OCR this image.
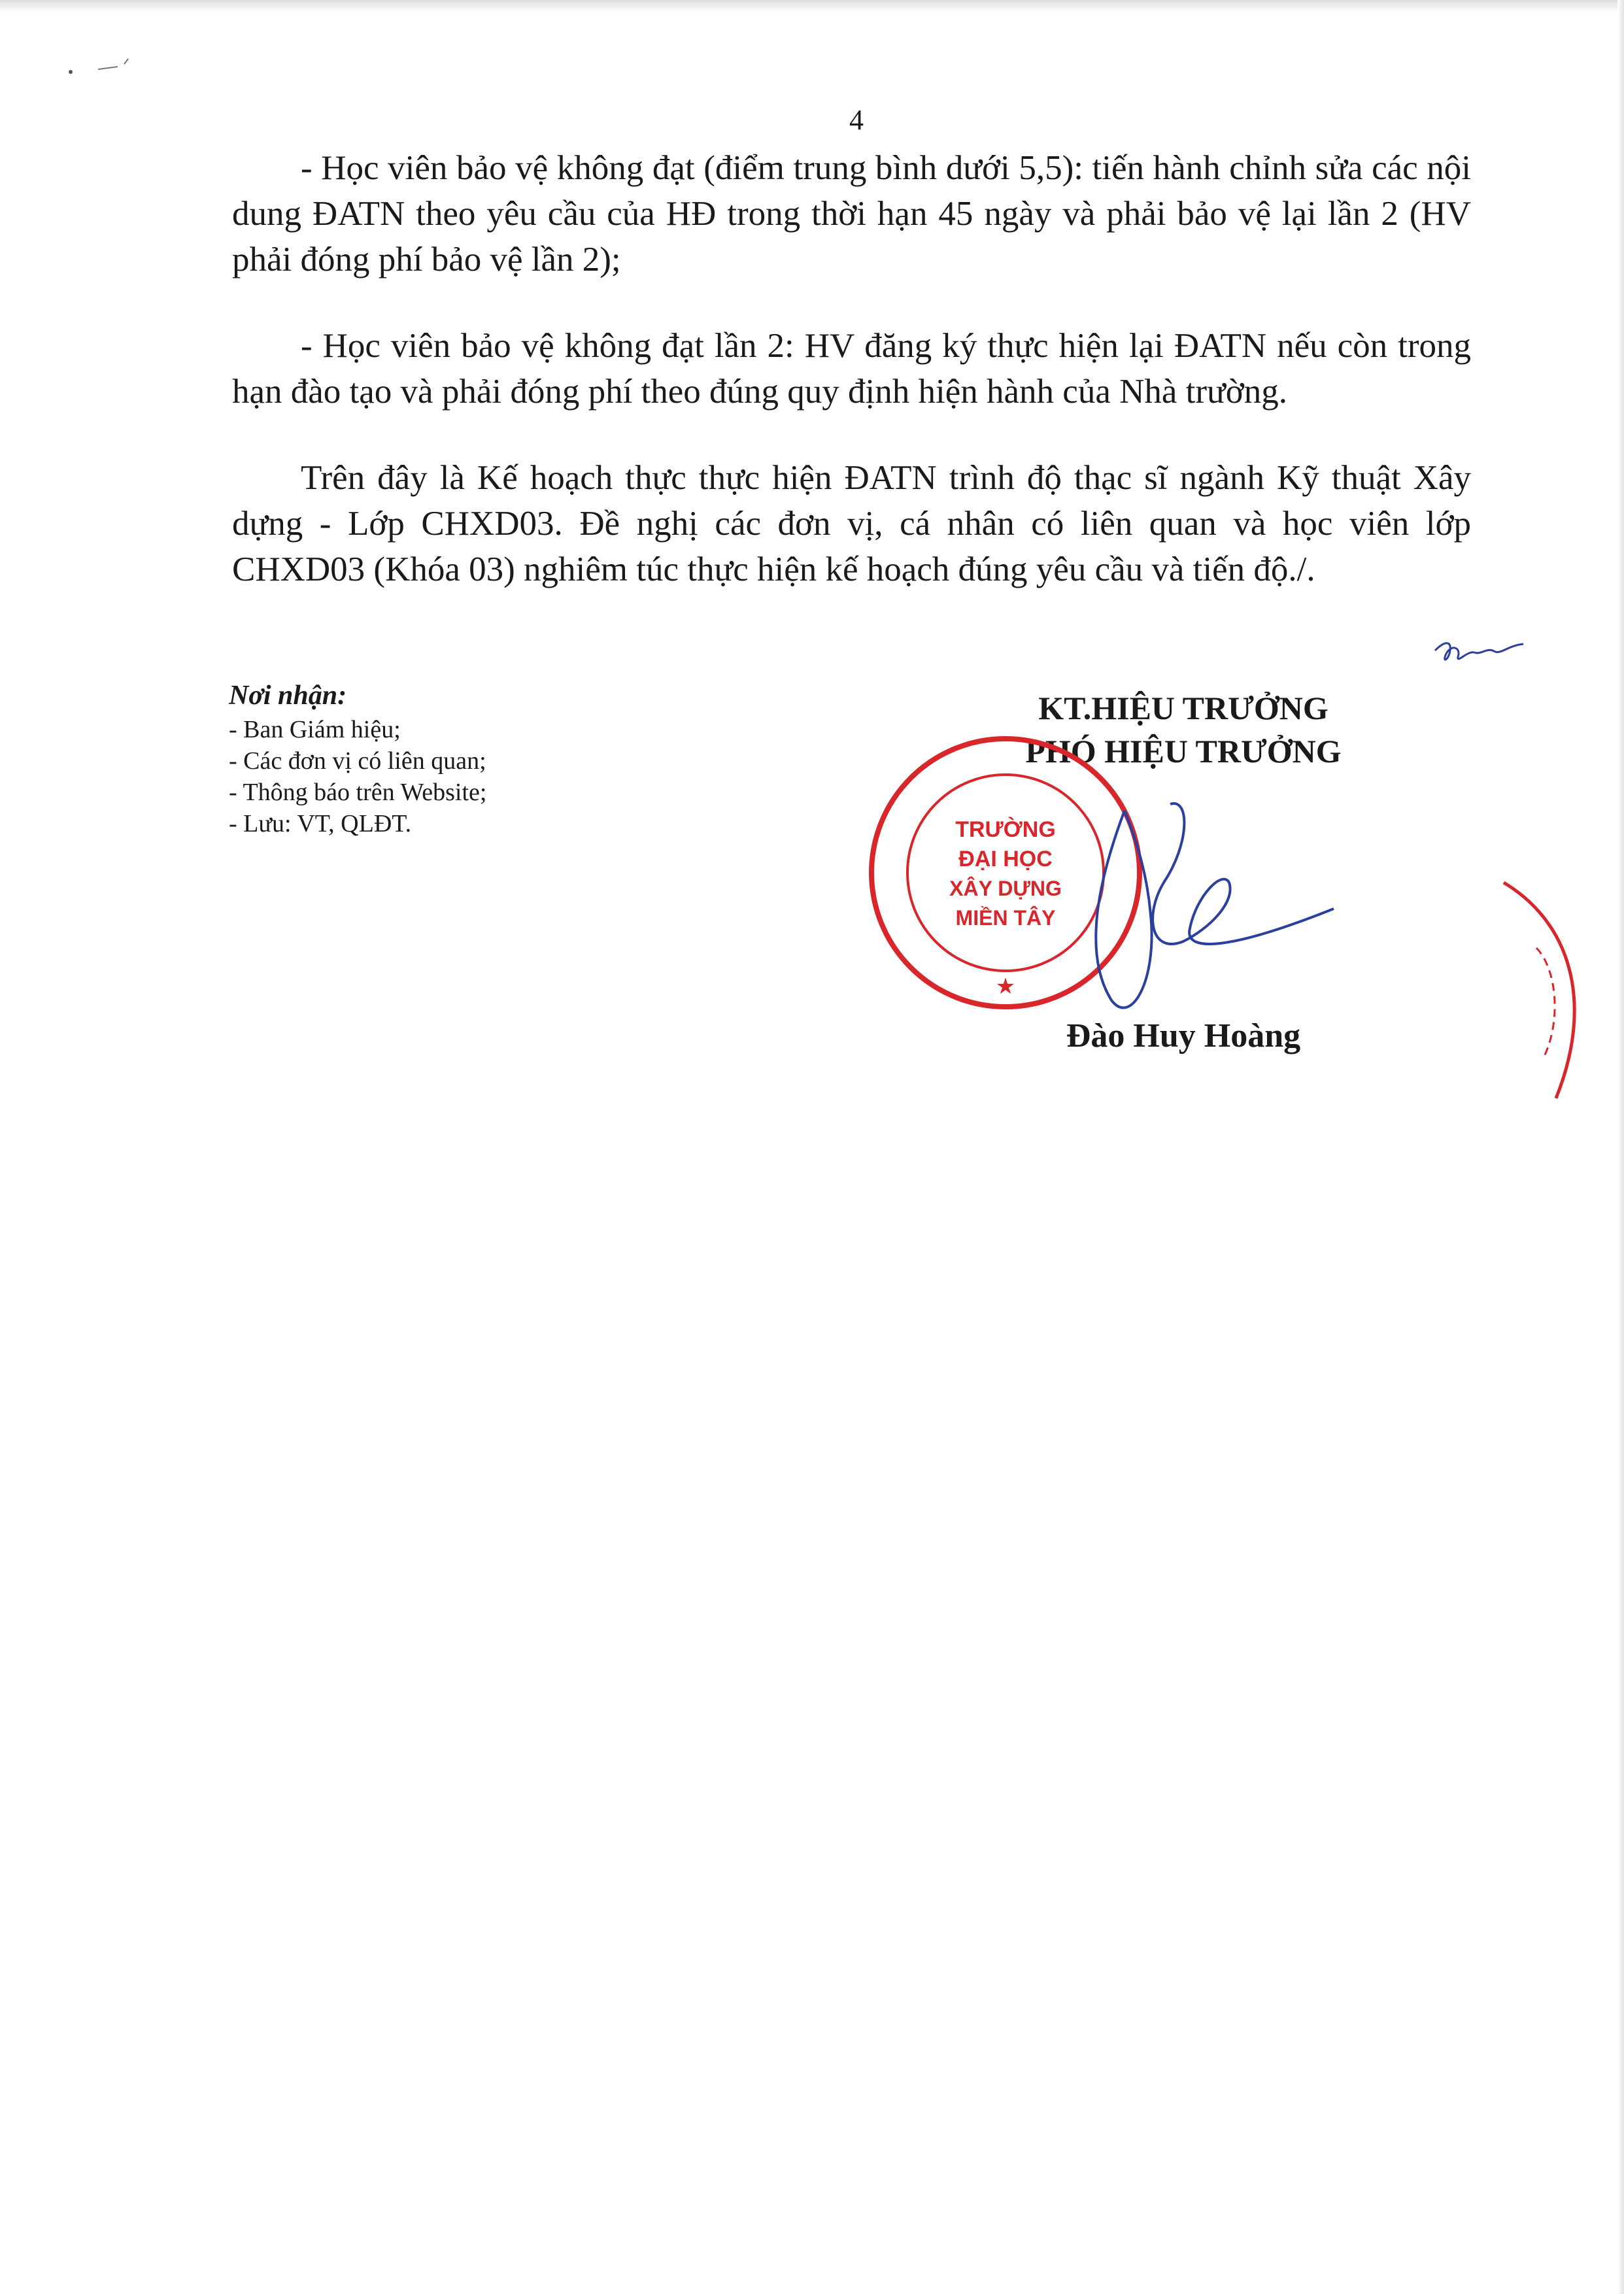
4

- Học viên bảo vệ không đạt (điểm trung bình dưới 5,5): tiến hành chỉnh sửa các nội dung ĐATN theo yêu cầu của HĐ trong thời hạn 45 ngày và phải bảo vệ lại lần 2 (HV phải đóng phí bảo vệ lần 2);

- Học viên bảo vệ không đạt lần 2: HV đăng ký thực hiện lại ĐATN nếu còn trong hạn đào tạo và phải đóng phí theo đúng quy định hiện hành của Nhà trường.

Trên đây là Kế hoạch thực thực hiện ĐATN trình độ thạc sĩ ngành Kỹ thuật Xây dựng - Lớp CHXD03. Đề nghị các đơn vị, cá nhân có liên quan và học viên lớp CHXD03 (Khóa 03) nghiêm túc thực hiện kế hoạch đúng yêu cầu và tiến độ./.

Nơi nhận:
- Ban Giám hiệu;
- Các đơn vị có liên quan;
- Thông báo trên Website;
- Lưu: VT, QLĐT.
KT.HIỆU TRƯỞNG
PHÓ HIỆU TRƯỞNG
TRƯỜNG
ĐẠI HỌC
XÂY DỰNG
MIỀN TÂY
★
Đào Huy Hoàng
